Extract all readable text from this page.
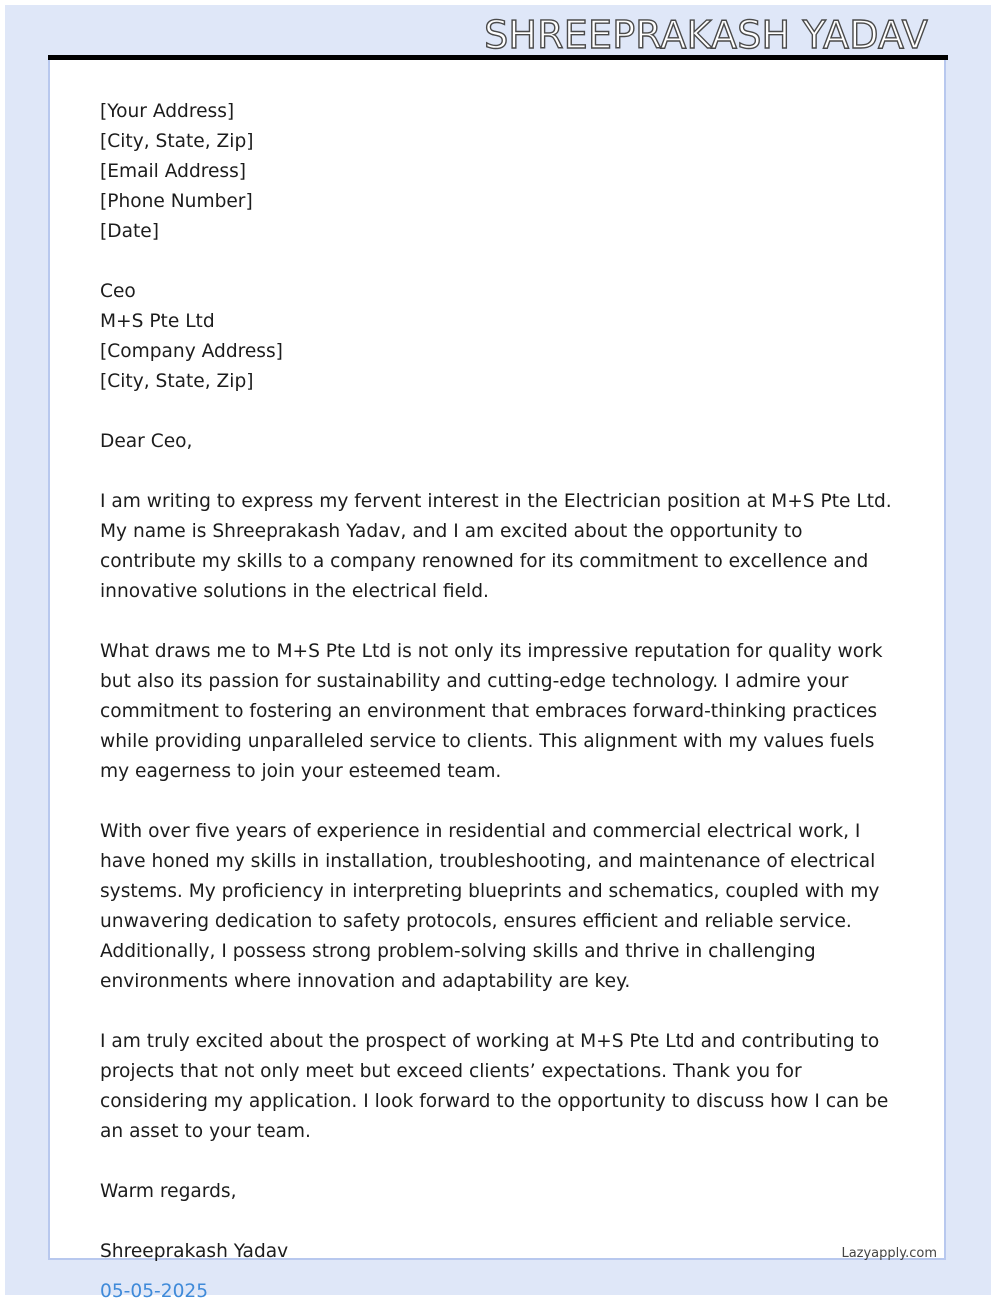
SHREEPRAKASH YADAV
[Your Address]
[City, State, Zip]
[Email Address]
[Phone Number]
[Date]
Ceo
M+S Pte Ltd
[Company Address]
[City, State, Zip]
Dear Ceo,

I am writing to express my fervent interest in the Electrician position at M+S Pte Ltd. My name is Shreeprakash Yadav, and I am excited about the opportunity to contribute my skills to a company renowned for its commitment to excellence and innovative solutions in the electrical field.

What draws me to M+S Pte Ltd is not only its impressive reputation for quality work but also its passion for sustainability and cutting-edge technology. I admire your commitment to fostering an environment that embraces forward-thinking practices while providing unparalleled service to clients. This alignment with my values fuels my eagerness to join your esteemed team.

With over five years of experience in residential and commercial electrical work, I have honed my skills in installation, troubleshooting, and maintenance of electrical systems. My proficiency in interpreting blueprints and schematics, coupled with my unwavering dedication to safety protocols, ensures efficient and reliable service. Additionally, I possess strong problem-solving skills and thrive in challenging environments where innovation and adaptability are key.

I am truly excited about the prospect of working at M+S Pte Ltd and contributing to projects that not only meet but exceed clients’ expectations. Thank you for considering my application. I look forward to the opportunity to discuss how I can be an asset to your team.

Warm regards,
Shreeprakash Yadav
05-05-2025
Lazyapply.com
